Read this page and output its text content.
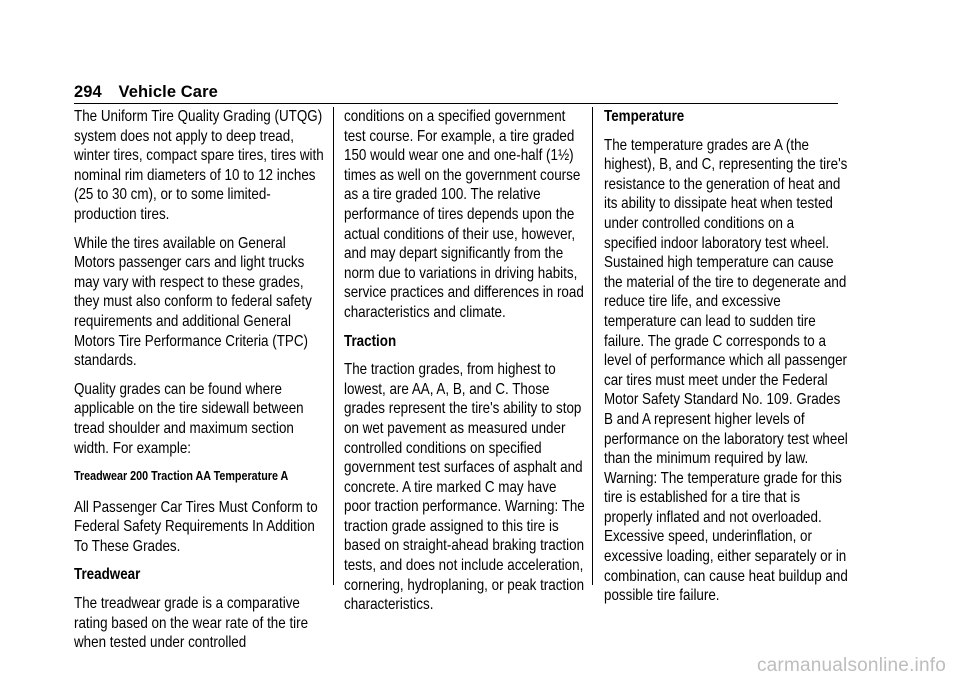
294 Vehicle Care

The Uniform Tire Quality Grading (UTQG) system does not apply to deep tread, winter tires, compact spare tires, tires with nominal rim diameters of 10 to 12 inches (25 to 30 cm), or to some limited-production tires.

While the tires available on General Motors passenger cars and light trucks may vary with respect to these grades, they must also conform to federal safety requirements and additional General Motors Tire Performance Criteria (TPC) standards.

Quality grades can be found where applicable on the tire sidewall between tread shoulder and maximum section width. For example:

Treadwear 200 Traction AA Temperature A

All Passenger Car Tires Must Conform to Federal Safety Requirements In Addition To These Grades.

Treadwear

The treadwear grade is a comparative rating based on the wear rate of the tire when tested under controlled

conditions on a specified government test course. For example, a tire graded 150 would wear one and one-half (1½) times as well on the government course as a tire graded 100. The relative performance of tires depends upon the actual conditions of their use, however, and may depart significantly from the norm due to variations in driving habits, service practices and differences in road characteristics and climate.

Traction

The traction grades, from highest to lowest, are AA, A, B, and C. Those grades represent the tire's ability to stop on wet pavement as measured under controlled conditions on specified government test surfaces of asphalt and concrete. A tire marked C may have poor traction performance. Warning: The traction grade assigned to this tire is based on straight-ahead braking traction tests, and does not include acceleration, cornering, hydroplaning, or peak traction characteristics.

Temperature

The temperature grades are A (the highest), B, and C, representing the tire's resistance to the generation of heat and its ability to dissipate heat when tested under controlled conditions on a specified indoor laboratory test wheel. Sustained high temperature can cause the material of the tire to degenerate and reduce tire life, and excessive temperature can lead to sudden tire failure. The grade C corresponds to a level of performance which all passenger car tires must meet under the Federal Motor Safety Standard No. 109. Grades B and A represent higher levels of performance on the laboratory test wheel than the minimum required by law. Warning: The temperature grade for this tire is established for a tire that is properly inflated and not overloaded. Excessive speed, underinflation, or excessive loading, either separately or in combination, can cause heat buildup and possible tire failure.

carmanualsonline.info
